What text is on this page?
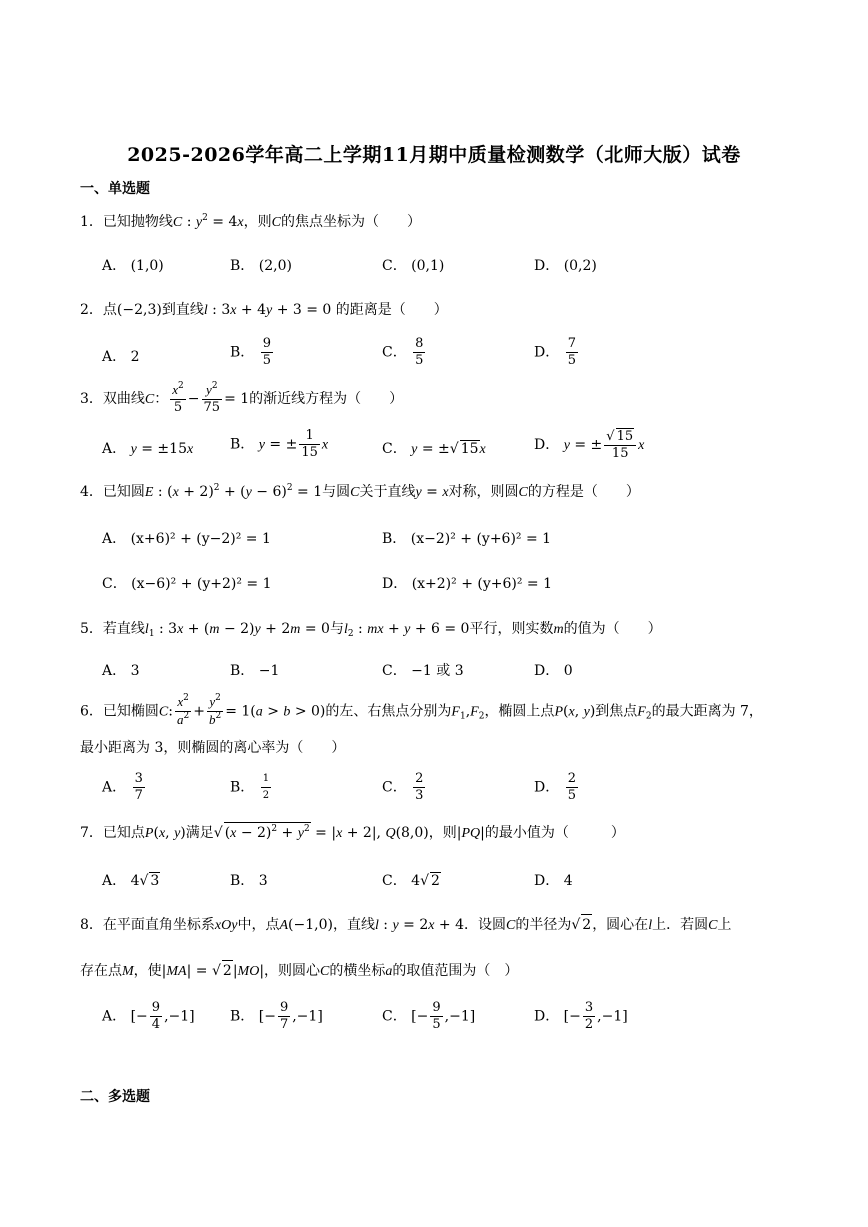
2025-2026学年高二上学期11月期中质量检测数学（北师大版）试卷
一、单选题
1．已知抛物线C : $y^2 = 4x$，则C的焦点坐标为（　　）
A． (1,0)	B． (2,0)	C． (0,1)	D． (0,2)
2．点(−2,3)到直线l : 3x + 4y + 3 = 0 的距离是（　　）
A． 2	B． $\frac{9}{5}$	C． $\frac{8}{5}$	D． $\frac{7}{5}$
3．双曲线C： $\frac{x^2}{5} - \frac{y^2}{75} = 1$的渐近线方程为（　　）
A． y = ±15x	B． y = ± $\frac{1}{15}$ x	C． y = ±√ 15x	D． y = ± $\frac{√ 15}{15}$ x
4．已知圆E : $(x + 2)^2 + (y - 6)^2 = 1$与圆C关于直线y = x对称，则圆C的方程是（　　）
A． (x+6)² + (y−2)² = 1	B． (x−2)² + (y+6)² = 1
C． (x−6)² + (y+2)² = 1	D． (x+2)² + (y+6)² = 1
5．若直线$l_1$ : 3x + (m − 2)y + 2m = 0与$l_2$ : mx + y + 6 = 0平行，则实数m的值为（　　）
A． 3	B． −1	C． −1 或 3	D． 0
6．已知椭圆C: $\frac{x^2}{a^2} + \frac{y^2}{b^2} = 1(a > b > 0)$的左、右焦点分别为$F_1,F_2$，椭圆上点P(x, y)到焦点$F_2$的最大距离为 7，
最小距离为 3，则椭圆的离心率为（　　）
A． $\frac{3}{7}$	B． $\frac{1}{2}$	C． $\frac{2}{3}$	D． $\frac{2}{5}$
7．已知点P(x, y)满足√ $(x - 2)^2 + y^2 = |x + 2|$, Q(8,0)，则|PQ|的最小值为（　　　）
A． 4√ 3	B． 3	C． 4√ 2	D． 4
8．在平面直角坐标系xOy中，点A(−1,0)，直线l : y = 2x + 4．设圆C的半径为√ 2，圆心在l上．若圆C上
存在点M，使|MA| = √ 2|MO|，则圆心C的横坐标a的取值范围为（　）
A． [− $\frac{9}{4} ,-1$]	B． [− $\frac{9}{7} ,-1$]	C． [− $\frac{9}{5} ,-1$]	D． [− $\frac{3}{2} ,-1$]
二、多选题
